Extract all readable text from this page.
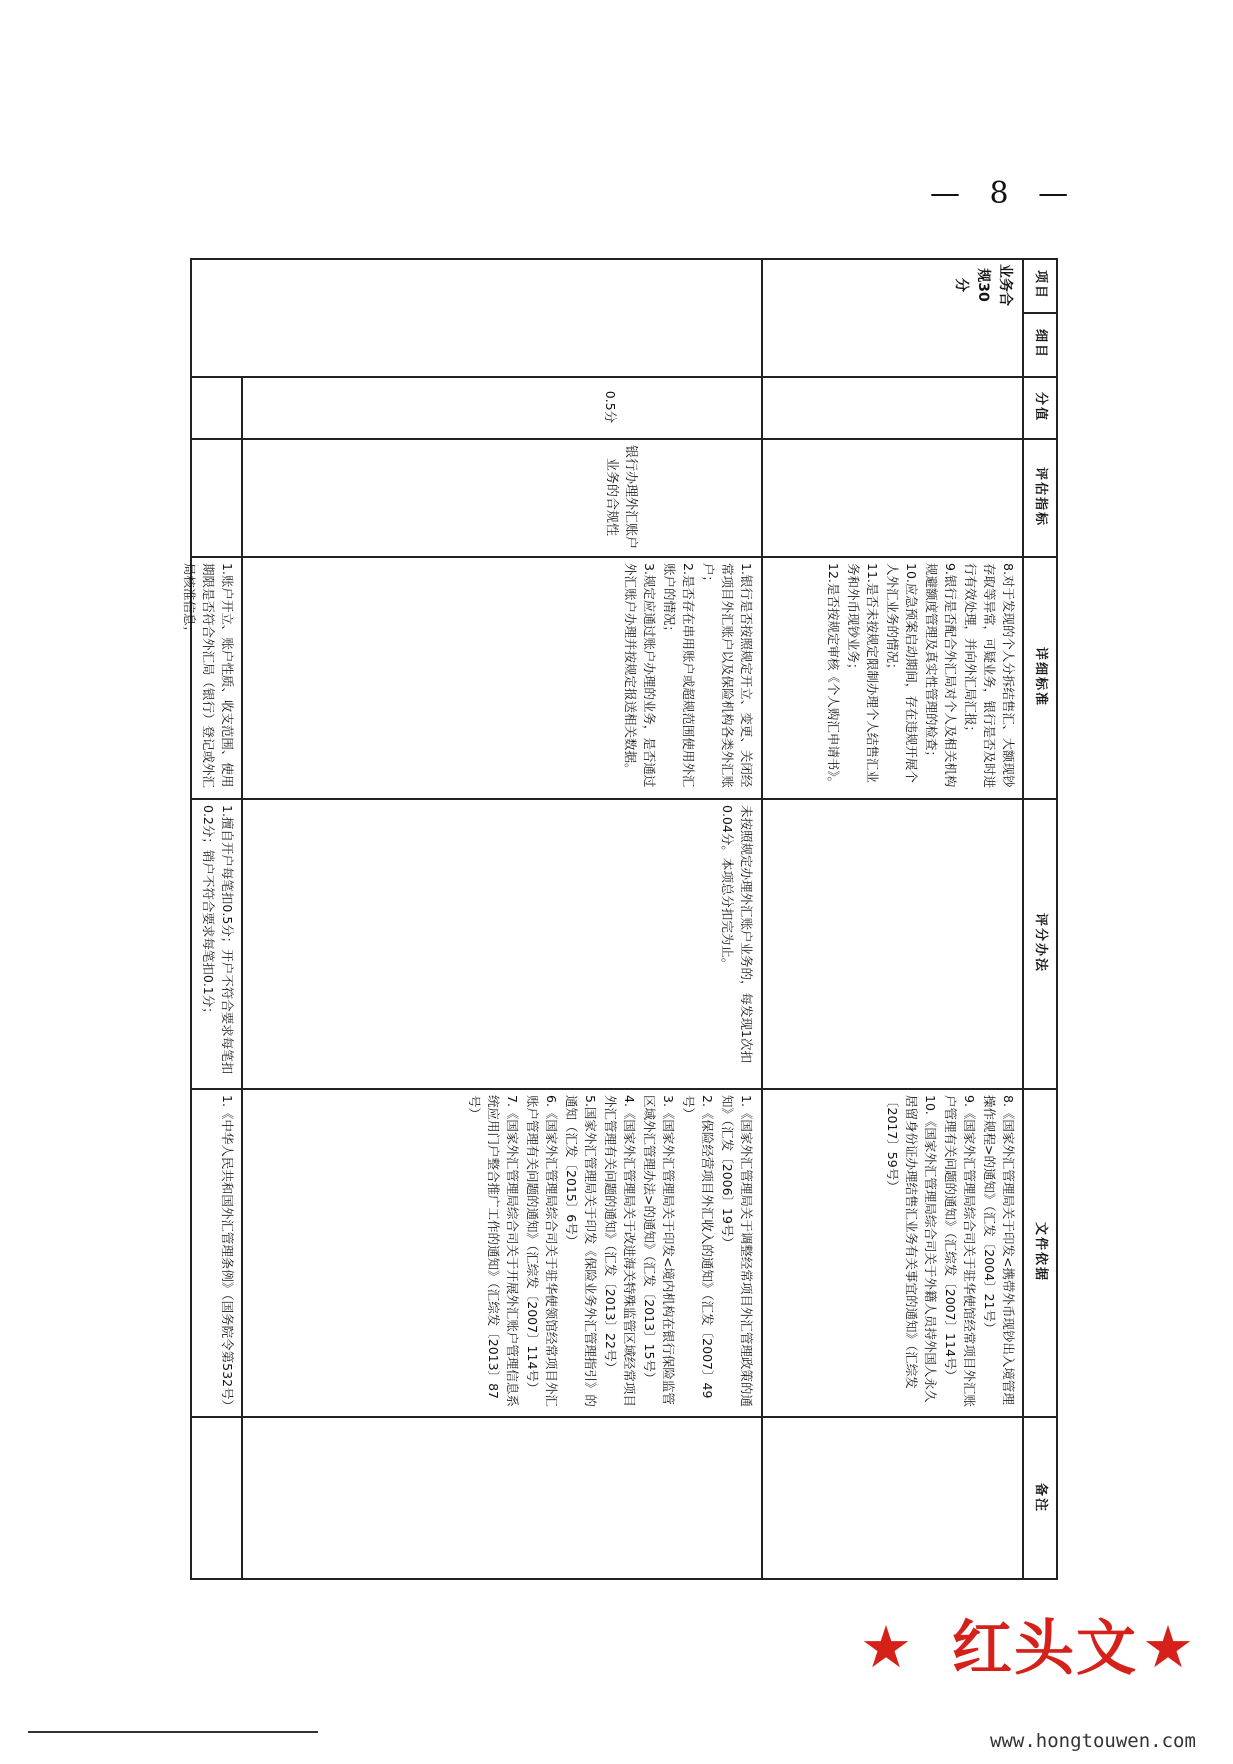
— 8 —
项目
细目
分值
评估指标
详细标准
评分办法
文件依据
备注

8.对于发现的个人分拆结售汇、大额现钞存取等异常，可疑业务，银行是否及时进行有效处理，并向外汇局汇报；

9.银行是否配合外汇局对个人及相关机构规避额度管理及真实性管理的检查；

10.应急预案启动期间，存在违规开展个人外汇业务的情况；

11.是否未按规定限制办理个人结售汇业务和外币现钞业务；

12.是否按规定审核《个人购汇申请书》。

8.《国家外汇管理局关于印发<携带外币现钞出入境管理操作规程>的通知》（汇发〔2004〕21号）

9.《国家外汇管理局综合司关于驻华使馆经常项目外汇账户管理有关问题的通知》（汇综发〔2007〕114号）

10.《国家外汇管理局综合司关于外籍人员持外国人永久居留身份证办理结售汇业务有关事宜的通知》（汇综发〔2017〕59号）

业务合规30分
0.5分
银行办理外汇账户业务的合规性

1.银行是否按照规定开立、变更、关闭经常项目外汇账户以及保险机构各类外汇账户；

2.是否存在串用账户或超规范围使用外汇账户的情况；

3.规定应通过账户办理的业务，是否通过外汇账户办理并按规定报送相关数据。

未按照规定办理外汇账户业务的，每发现1次扣0.04分。本项总分扣完为止。

1.《国家外汇管理局关于调整经常项目外汇管理政策的通知》（汇发〔2006〕19号）

2.《保险经营项目外汇收入的通知》（汇发〔2007〕49号）

3.《国家外汇管理局关于印发<境内机构在银行保险监管区域外汇管理办法>的通知》（汇发〔2013〕15号）

4.《国家外汇管理局关于改进海关特殊监管区域经常项目外汇管理有关问题的通知》（汇发〔2013〕22号）

5.国家外汇管理局关于印发《保险业务外汇管理指引》的通知（汇发〔2015〕6号）

6.《国家外汇管理局综合司关于驻华使领馆经常项目外汇账户管理有关问题的通知》（汇综发〔2007〕114号）

7.《国家外汇管理局综合司关于开展外汇账户管理信息系统应用门户整合推广工作的通知》（汇综发〔2013〕87号）

1.账户开立、账户性质、收支范围、使用期限是否符合外汇局（银行）登记或外汇局核准信息；
1.擅自开户每笔扣0.5分；开户不符合要求每笔扣0.2分；销户不符合要求每笔扣0.1分；
1.《中华人民共和国外汇管理条例》（国务院令第532号）
★ 红头文 ★
www.hongtouwen.com
